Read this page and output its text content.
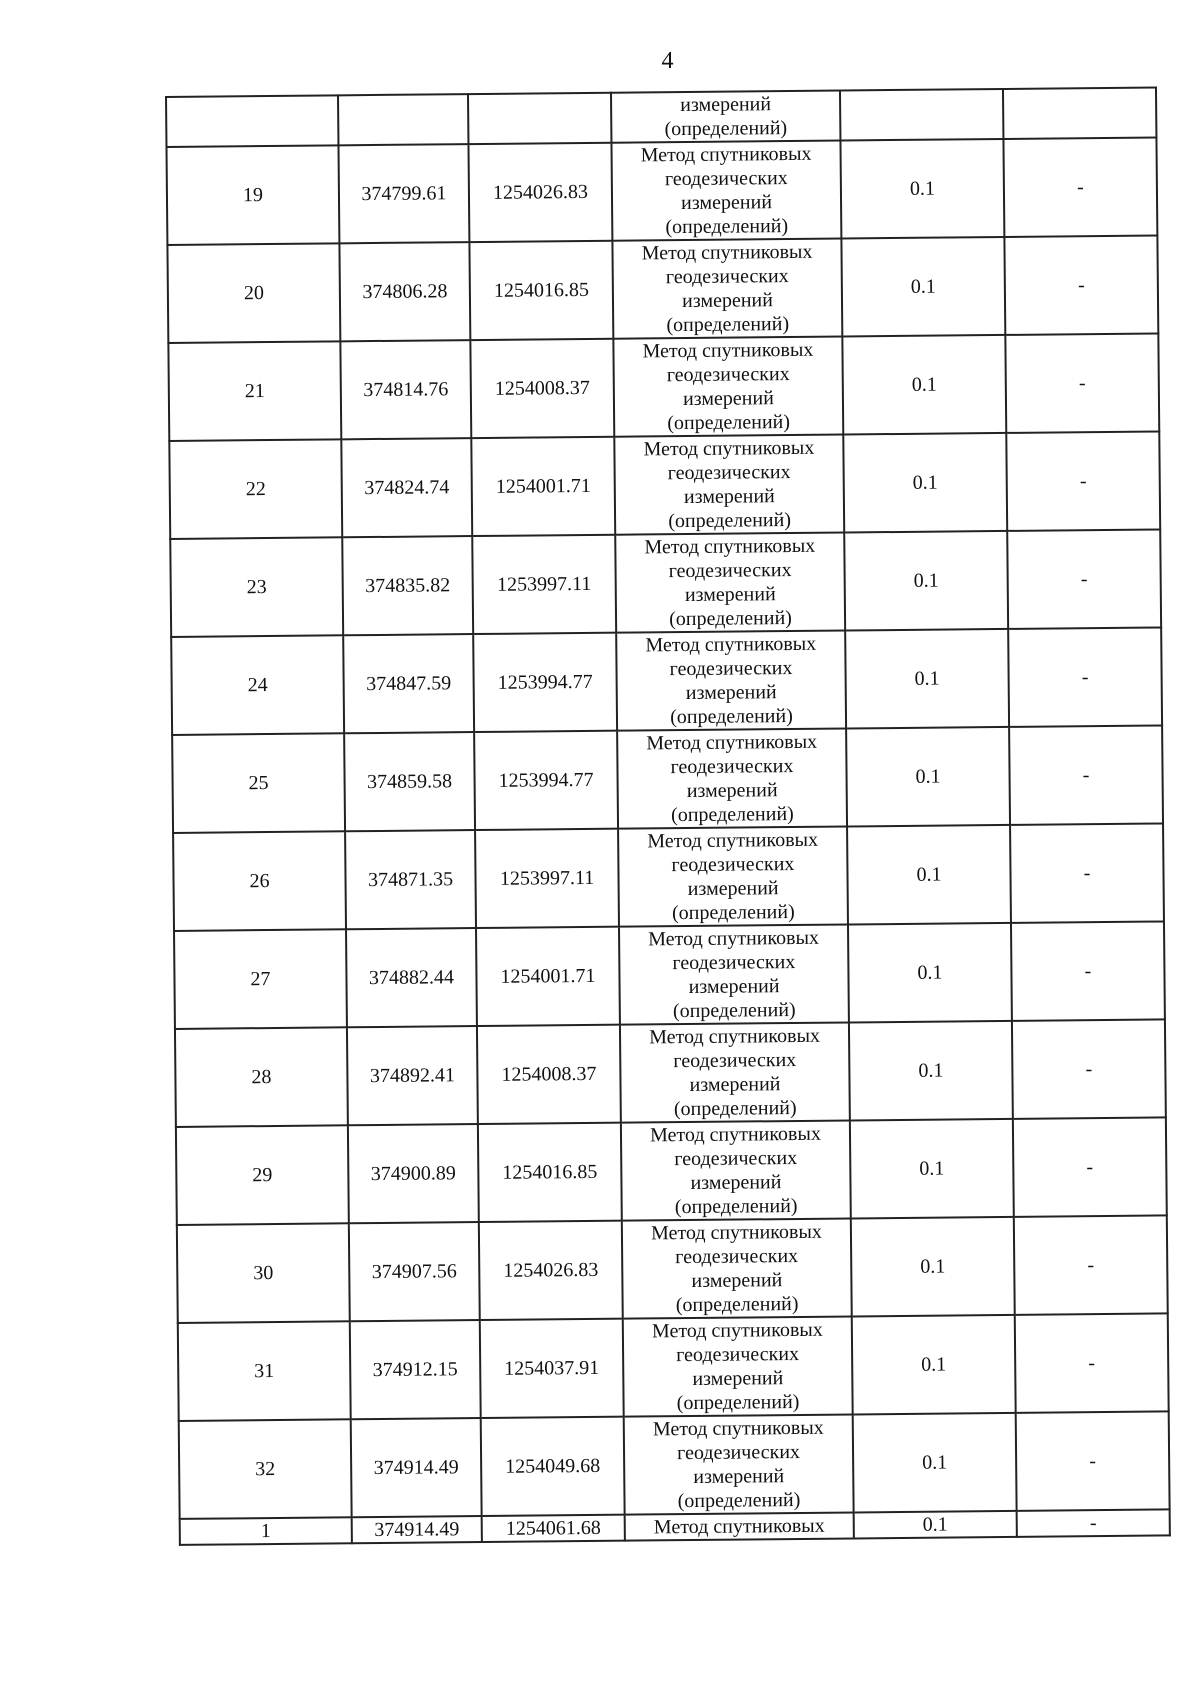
4

			измерений
(определений)		

19	374799.61	1254026.83	Метод спутниковых
геодезических
измерений
(определений)	0.1	-
20	374806.28	1254016.85	Метод спутниковых
геодезических
измерений
(определений)	0.1	-
21	374814.76	1254008.37	Метод спутниковых
геодезических
измерений
(определений)	0.1	-
22	374824.74	1254001.71	Метод спутниковых
геодезических
измерений
(определений)	0.1	-
23	374835.82	1253997.11	Метод спутниковых
геодезических
измерений
(определений)	0.1	-
24	374847.59	1253994.77	Метод спутниковых
геодезических
измерений
(определений)	0.1	-
25	374859.58	1253994.77	Метод спутниковых
геодезических
измерений
(определений)	0.1	-
26	374871.35	1253997.11	Метод спутниковых
геодезических
измерений
(определений)	0.1	-
27	374882.44	1254001.71	Метод спутниковых
геодезических
измерений
(определений)	0.1	-
28	374892.41	1254008.37	Метод спутниковых
геодезических
измерений
(определений)	0.1	-
29	374900.89	1254016.85	Метод спутниковых
геодезических
измерений
(определений)	0.1	-
30	374907.56	1254026.83	Метод спутниковых
геодезических
измерений
(определений)	0.1	-
31	374912.15	1254037.91	Метод спутниковых
геодезических
измерений
(определений)	0.1	-
32	374914.49	1254049.68	Метод спутниковых
геодезических
измерений
(определений)	0.1	-
1	374914.49	1254061.68	Метод спутниковых	0.1	-
